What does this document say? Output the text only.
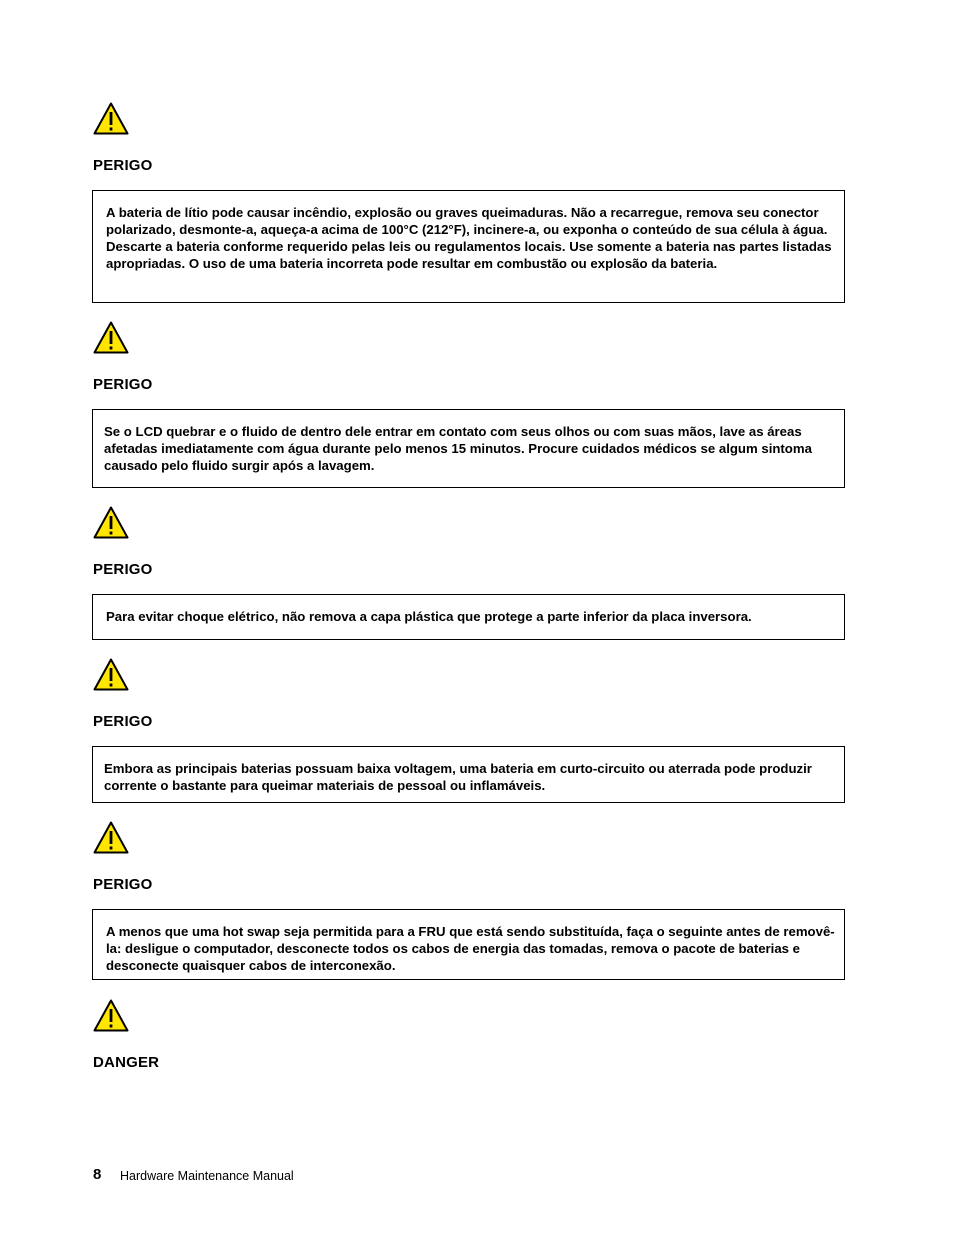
PERIGO

A bateria de lítio pode causar incêndio, explosão ou graves queimaduras. Não a recarregue, remova seu conector polarizado, desmonte-a, aqueça-a acima de 100°C (212°F), incinere-a, ou exponha o conteúdo de sua célula à água. Descarte a bateria conforme requerido pelas leis ou regulamentos locais. Use somente a bateria nas partes listadas apropriadas. O uso de uma bateria incorreta pode resultar em combustão ou explosão da bateria.

PERIGO

Se o LCD quebrar e o fluido de dentro dele entrar em contato com seus olhos ou com suas mãos, lave as áreas afetadas imediatamente com água durante pelo menos 15 minutos. Procure cuidados médicos se algum sintoma causado pelo fluido surgir após a lavagem.

PERIGO

Para evitar choque elétrico, não remova a capa plástica que protege a parte inferior da placa inversora.

PERIGO

Embora as principais baterias possuam baixa voltagem, uma bateria em curto-circuito ou aterrada pode produzir corrente o bastante para queimar materiais de pessoal ou inflamáveis.

PERIGO

A menos que uma hot swap seja permitida para a FRU que está sendo substituída, faça o seguinte antes de removê-la: desligue o computador, desconecte todos os cabos de energia das tomadas, remova o pacote de baterias e desconecte quaisquer cabos de interconexão.

DANGER
8 Hardware Maintenance Manual
